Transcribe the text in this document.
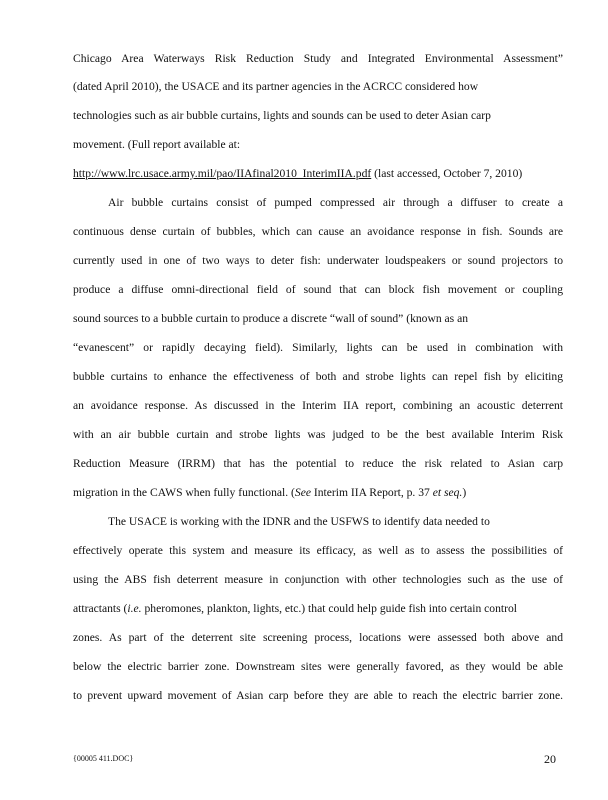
Chicago Area Waterways Risk Reduction Study and Integrated Environmental Assessment”
(dated April 2010), the USACE and its partner agencies in the ACRCC considered how
technologies such as air bubble curtains, lights and sounds can be used to deter Asian carp
movement. (Full report available at:
http://www.lrc.usace.army.mil/pao/IIAfinal2010_InterimIIA.pdf (last accessed, October 7, 2010)
Air bubble curtains consist of pumped compressed air through a diffuser to create a
continuous dense curtain of bubbles, which can cause an avoidance response in fish. Sounds are
currently used in one of two ways to deter fish: underwater loudspeakers or sound projectors to
produce a diffuse omni-directional field of sound that can block fish movement or coupling
sound sources to a bubble curtain to produce a discrete “wall of sound” (known as an
“evanescent” or rapidly decaying field). Similarly, lights can be used in combination with
bubble curtains to enhance the effectiveness of both and strobe lights can repel fish by eliciting
an avoidance response. As discussed in the Interim IIA report, combining an acoustic deterrent
with an air bubble curtain and strobe lights was judged to be the best available Interim Risk
Reduction Measure (IRRM) that has the potential to reduce the risk related to Asian carp
migration in the CAWS when fully functional. (See Interim IIA Report, p. 37 et seq.)
The USACE is working with the IDNR and the USFWS to identify data needed to
effectively operate this system and measure its efficacy, as well as to assess the possibilities of
using the ABS fish deterrent measure in conjunction with other technologies such as the use of
attractants (i.e. pheromones, plankton, lights, etc.) that could help guide fish into certain control
zones. As part of the deterrent site screening process, locations were assessed both above and
below the electric barrier zone. Downstream sites were generally favored, as they would be able
to prevent upward movement of Asian carp before they are able to reach the electric barrier zone.
{00005 411.DOC}	20
